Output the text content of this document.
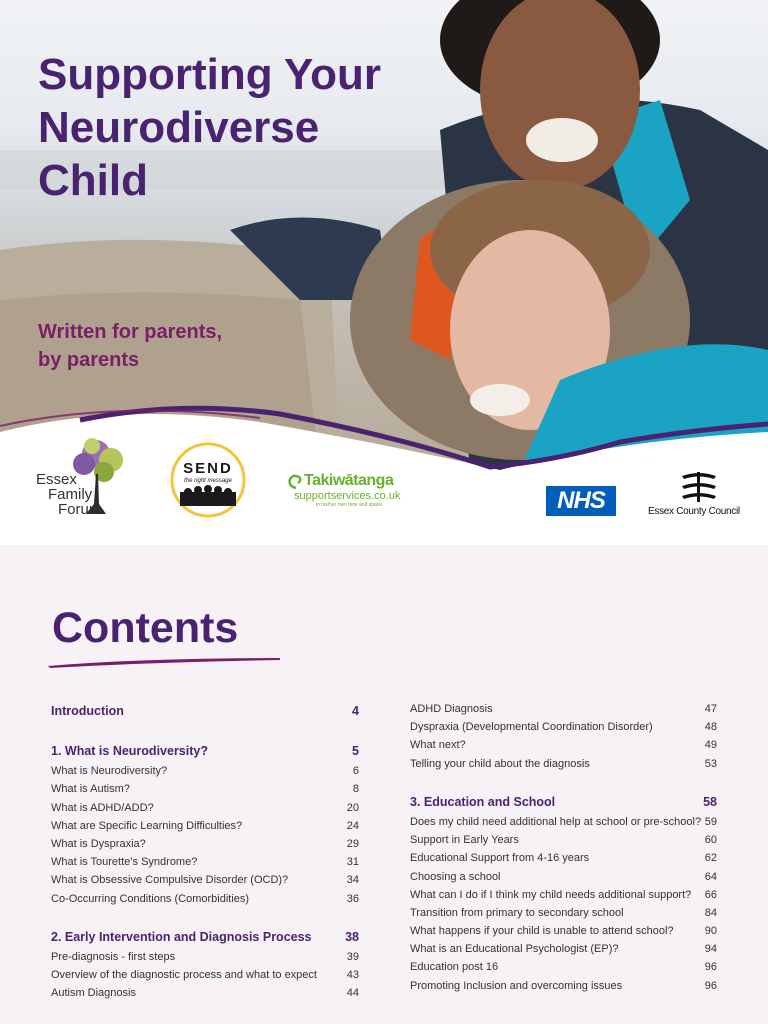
Supporting Your
Neurodiverse
Child
Written for parents,
by parents
Essex
Family
Forum
SEND
the right message	Takiwātanga
supportservices.co.uk
in his/her own time and space	NHS	Essex County Council
Contents
Introduction	4
1. What is Neurodiversity?	5
What is Neurodiversity?	6
What is Autism?	8
What is ADHD/ADD?	20
What are Specific Learning Difficulties?	24
What is Dyspraxia?	29
What is Tourette’s Syndrome?	31
What is Obsessive Compulsive Disorder (OCD)?	34
Co-Occurring Conditions (Comorbidities)	36
2. Early Intervention and Diagnosis Process	38
Pre-diagnosis - first steps	39
Overview of the diagnostic process and what to expect	43
Autism Diagnosis	44
ADHD Diagnosis	47
Dyspraxia (Developmental Coordination Disorder)	48
What next?	49
Telling your child about the diagnosis	53
3. Education and School	58
Does my child need additional help at school or pre-school? 59
Support in Early Years	60
Educational Support from 4-16 years	62
Choosing a school	64
What can I do if I think my child needs additional support? 66
Transition from primary to secondary school	84
What happens if your child is unable to attend school?	90
What is an Educational Psychologist (EP)?	94
Education post 16	96
Promoting Inclusion and overcoming issues	96
